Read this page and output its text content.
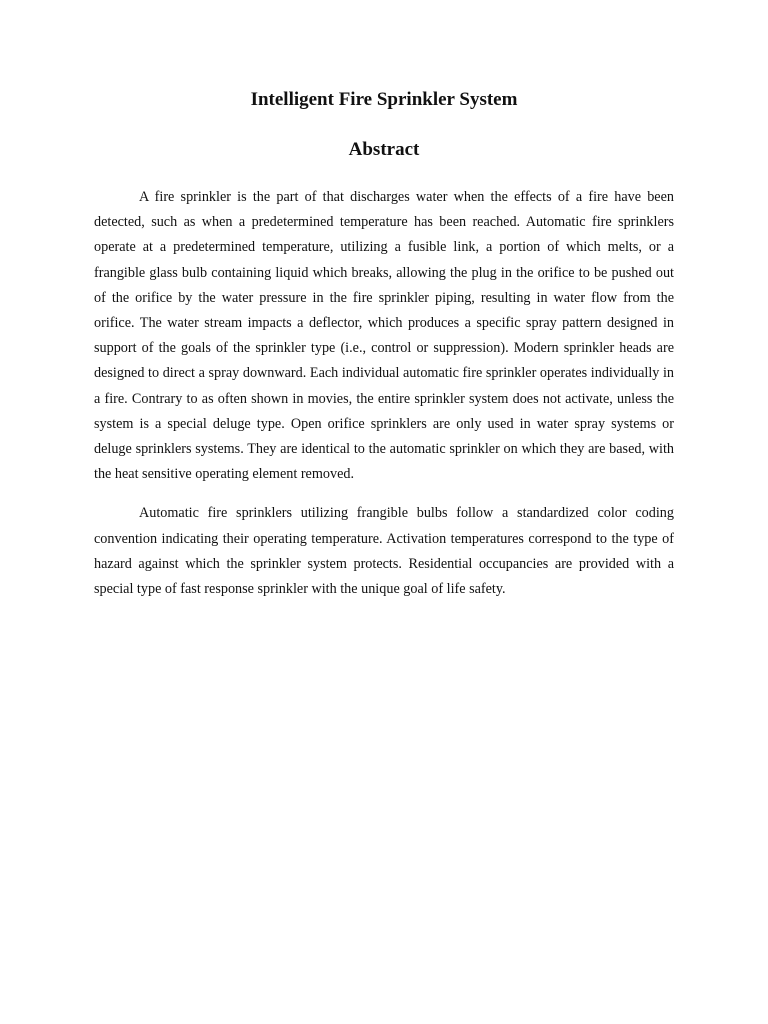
Intelligent Fire Sprinkler System
Abstract

A fire sprinkler is the part of that discharges water when the effects of a fire have been detected, such as when a predetermined temperature has been reached. Automatic fire sprinklers operate at a predetermined temperature, utilizing a fusible link, a portion of which melts, or a frangible glass bulb containing liquid which breaks, allowing the plug in the orifice to be pushed out of the orifice by the water pressure in the fire sprinkler piping, resulting in water flow from the orifice. The water stream impacts a deflector, which produces a specific spray pattern designed in support of the goals of the sprinkler type (i.e., control or suppression). Modern sprinkler heads are designed to direct a spray downward. Each individual automatic fire sprinkler operates individually in a fire. Contrary to as often shown in movies, the entire sprinkler system does not activate, unless the system is a special deluge type. Open orifice sprinklers are only used in water spray systems or deluge sprinklers systems. They are identical to the automatic sprinkler on which they are based, with the heat sensitive operating element removed.

Automatic fire sprinklers utilizing frangible bulbs follow a standardized color coding convention indicating their operating temperature. Activation temperatures correspond to the type of hazard against which the sprinkler system protects. Residential occupancies are provided with a special type of fast response sprinkler with the unique goal of life safety.
